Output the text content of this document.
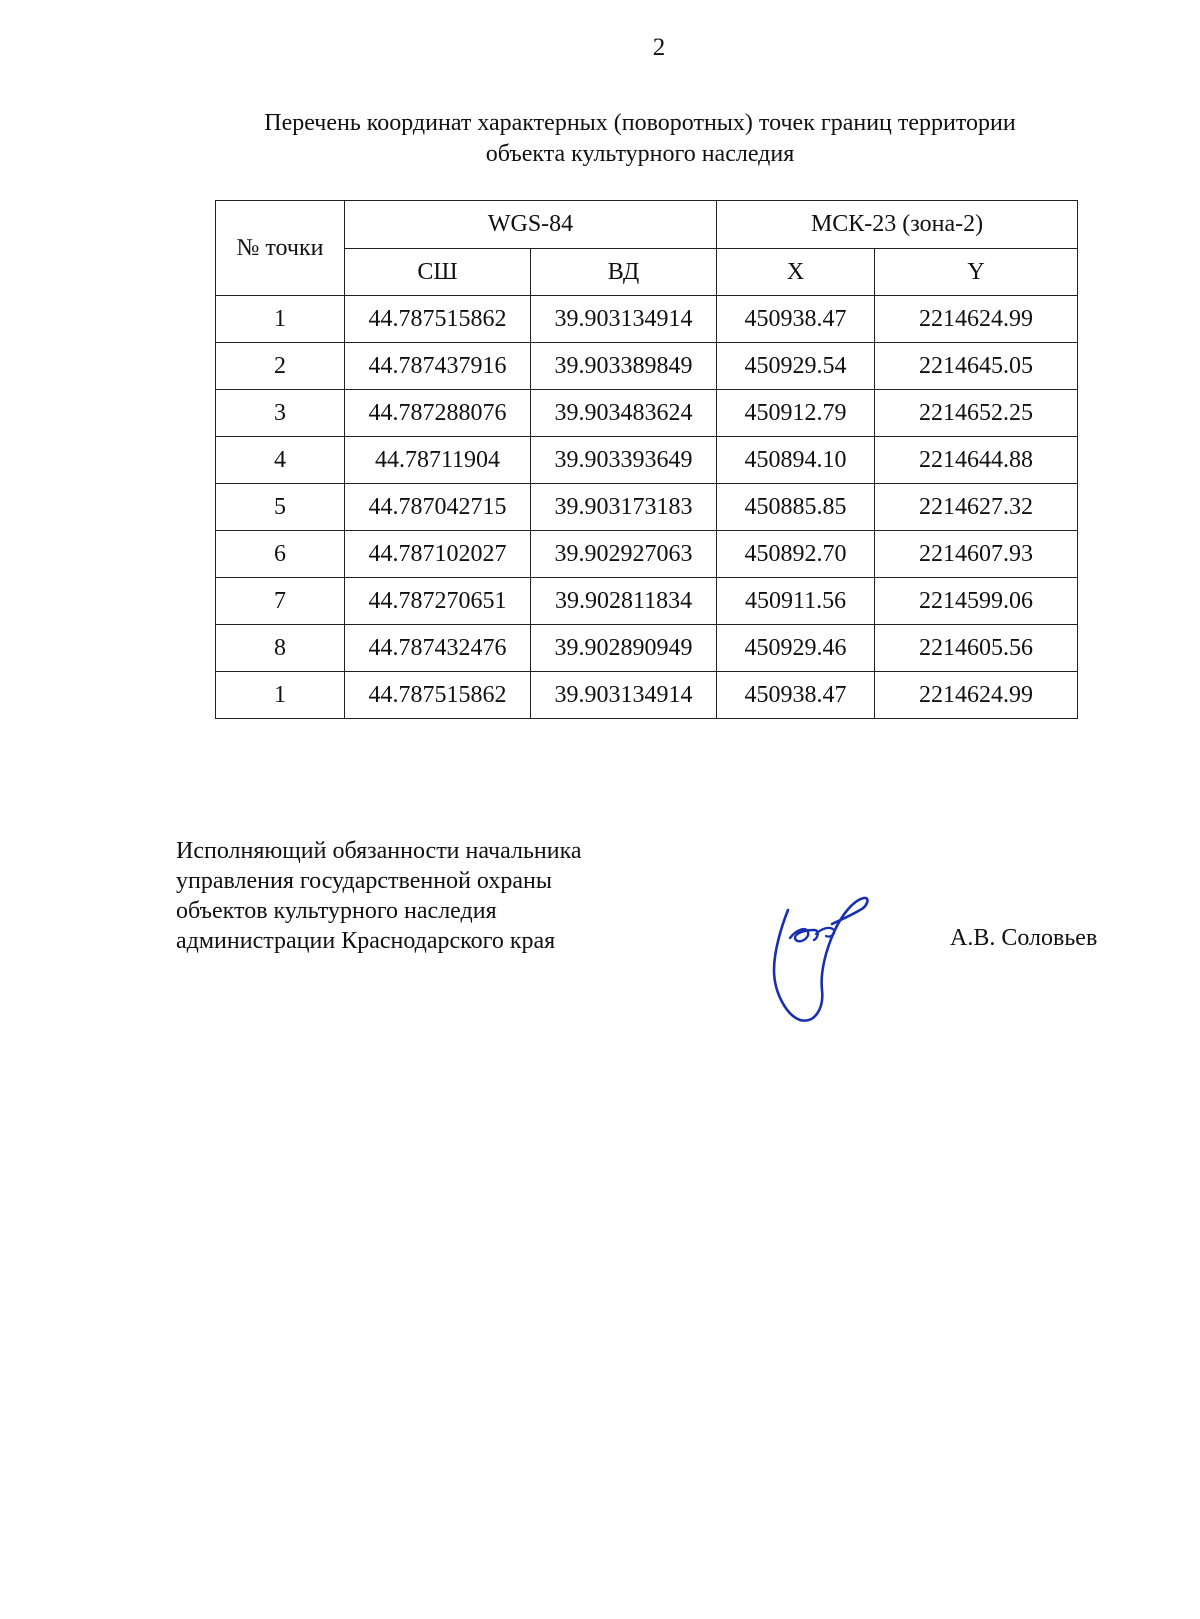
2
Перечень координат характерных (поворотных) точек границ территории
объекта культурного наследия
№ точки	WGS-84		МСК-23 (зона-2)	
	СШ	ВД	X	Y
1	44.787515862	39.903134914	450938.47	2214624.99
2	44.787437916	39.903389849	450929.54	2214645.05
3	44.787288076	39.903483624	450912.79	2214652.25
4	44.78711904	39.903393649	450894.10	2214644.88
5	44.787042715	39.903173183	450885.85	2214627.32
6	44.787102027	39.902927063	450892.70	2214607.93
7	44.787270651	39.902811834	450911.56	2214599.06
8	44.787432476	39.902890949	450929.46	2214605.56
1	44.787515862	39.903134914	450938.47	2214624.99
Исполняющий обязанности начальника
управления государственной охраны
объектов культурного наследия
администрации Краснодарского края	А.В. Соловьев
